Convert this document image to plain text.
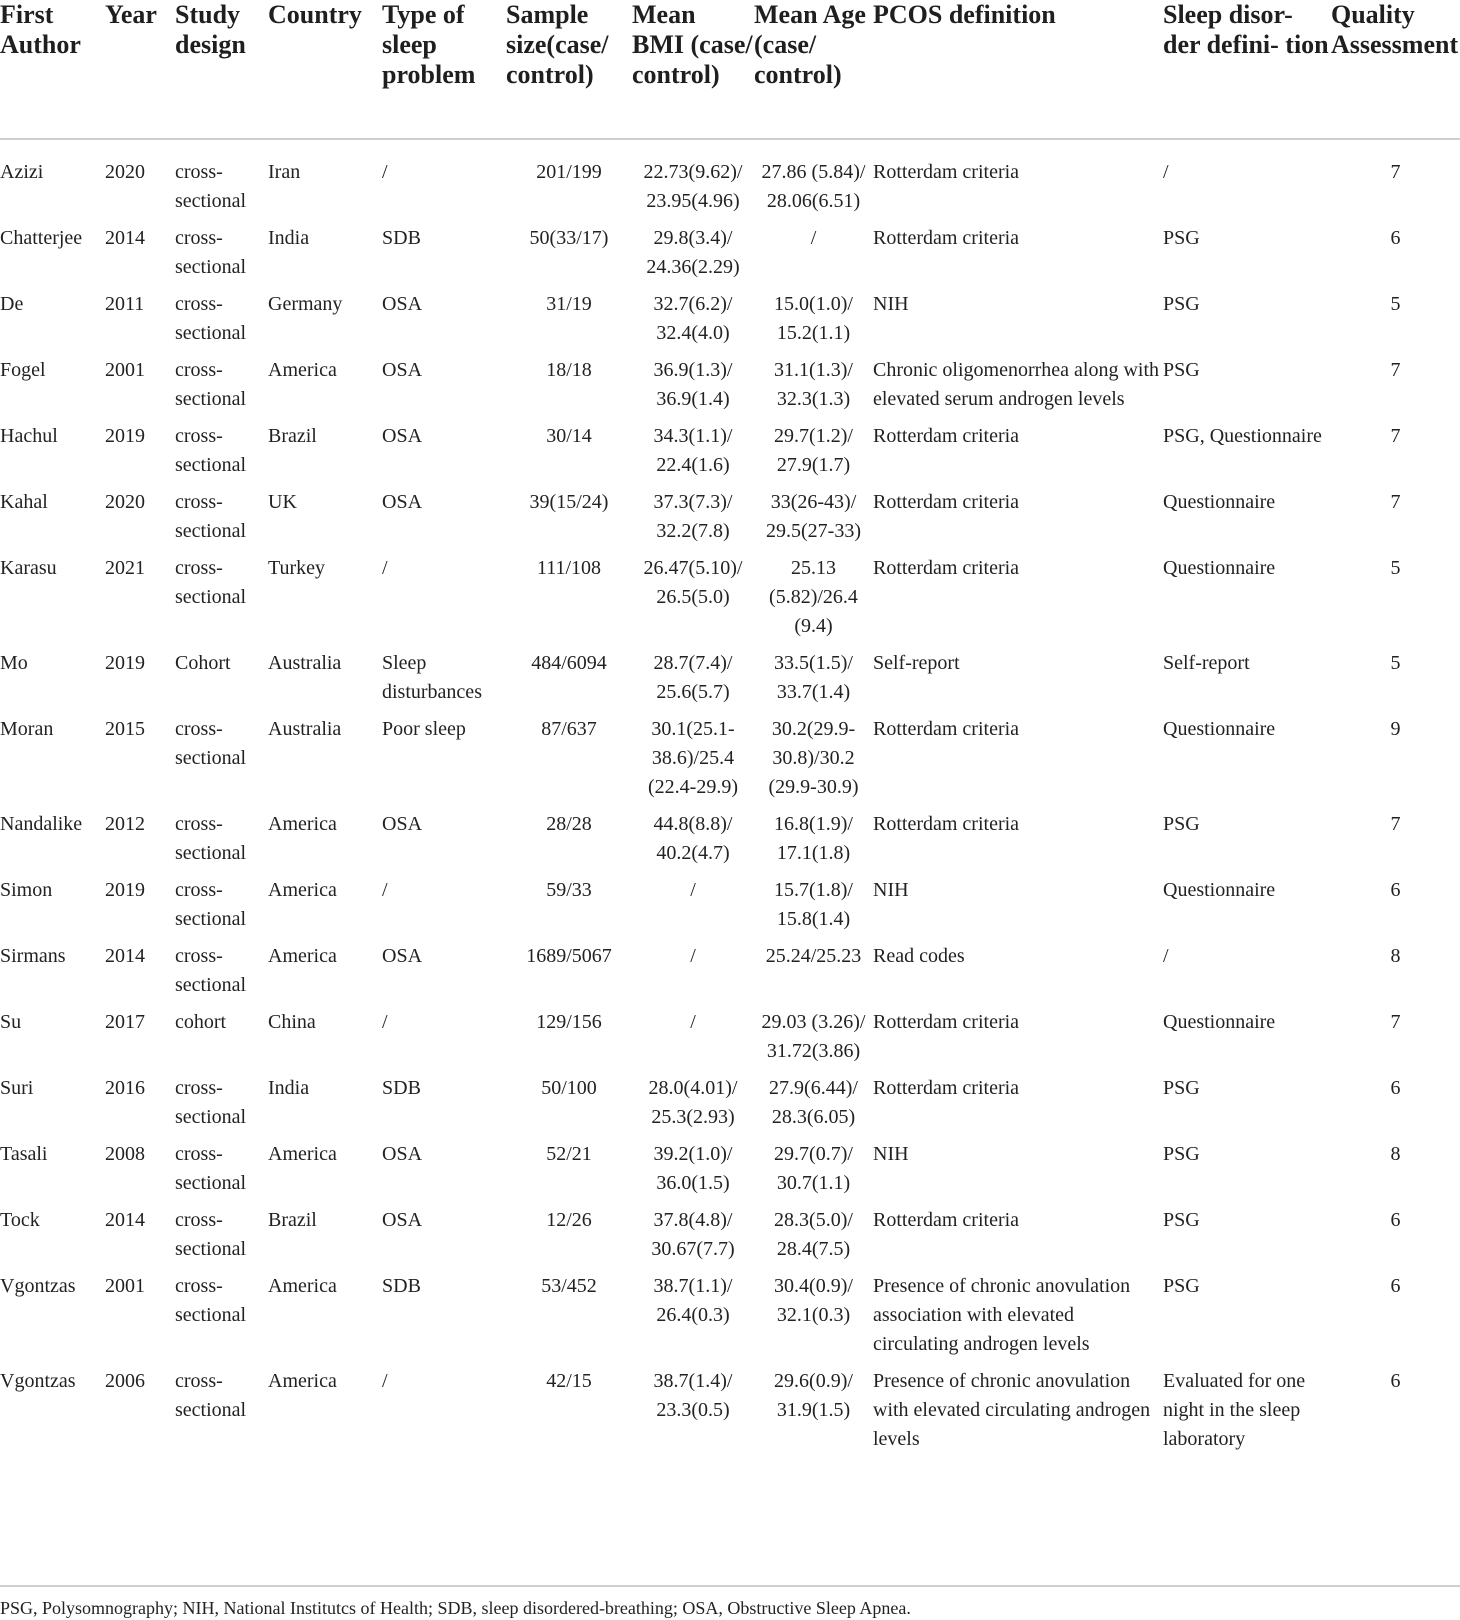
First Author	Year	Study design	Country	Type of sleep problem	Sample size(case/ control)	Mean BMI (case/ control)	Mean Age (case/ control)	PCOS definition	Sleep disor- der defini- tion	Quality Assessment
Azizi	2020	cross-sectional	Iran	/	201/199	22.73(9.62)/ 23.95(4.96)	27.86 (5.84)/ 28.06(6.51)	Rotterdam criteria	/	7
Chatterjee	2014	cross-sectional	India	SDB	50(33/17)	29.8(3.4)/ 24.36(2.29)	/	Rotterdam criteria	PSG	6
De	2011	cross-sectional	Germany	OSA	31/19	32.7(6.2)/ 32.4(4.0)	15.0(1.0)/ 15.2(1.1)	NIH	PSG	5
Fogel	2001	cross-sectional	America	OSA	18/18	36.9(1.3)/ 36.9(1.4)	31.1(1.3)/ 32.3(1.3)	Chronic oligomenorrhea along with elevated serum androgen levels	PSG	7
Hachul	2019	cross-sectional	Brazil	OSA	30/14	34.3(1.1)/ 22.4(1.6)	29.7(1.2)/ 27.9(1.7)	Rotterdam criteria	PSG, Questionnaire	7
Kahal	2020	cross-sectional	UK	OSA	39(15/24)	37.3(7.3)/ 32.2(7.8)	33(26-43)/ 29.5(27-33)	Rotterdam criteria	Questionnaire	7
Karasu	2021	cross-sectional	Turkey	/	111/108	26.47(5.10)/ 26.5(5.0)	25.13 (5.82)/26.4 (9.4)	Rotterdam criteria	Questionnaire	5
Mo	2019	Cohort	Australia	Sleep disturbances	484/6094	28.7(7.4)/ 25.6(5.7)	33.5(1.5)/ 33.7(1.4)	Self-report	Self-report	5
Moran	2015	cross-sectional	Australia	Poor sleep	87/637	30.1(25.1-38.6)/25.4 (22.4-29.9)	30.2(29.9-30.8)/30.2 (29.9-30.9)	Rotterdam criteria	Questionnaire	9
Nandalike	2012	cross-sectional	America	OSA	28/28	44.8(8.8)/ 40.2(4.7)	16.8(1.9)/ 17.1(1.8)	Rotterdam criteria	PSG	7
Simon	2019	cross-sectional	America	/	59/33	/	15.7(1.8)/ 15.8(1.4)	NIH	Questionnaire	6
Sirmans	2014	cross-sectional	America	OSA	1689/5067	/	25.24/25.23	Read codes	/	8
Su	2017	cohort	China	/	129/156	/	29.03 (3.26)/ 31.72(3.86)	Rotterdam criteria	Questionnaire	7
Suri	2016	cross-sectional	India	SDB	50/100	28.0(4.01)/ 25.3(2.93)	27.9(6.44)/ 28.3(6.05)	Rotterdam criteria	PSG	6
Tasali	2008	cross-sectional	America	OSA	52/21	39.2(1.0)/ 36.0(1.5)	29.7(0.7)/ 30.7(1.1)	NIH	PSG	8
Tock	2014	cross-sectional	Brazil	OSA	12/26	37.8(4.8)/ 30.67(7.7)	28.3(5.0)/ 28.4(7.5)	Rotterdam criteria	PSG	6
Vgontzas	2001	cross-sectional	America	SDB	53/452	38.7(1.1)/ 26.4(0.3)	30.4(0.9)/ 32.1(0.3)	Presence of chronic anovulation association with elevated circulating androgen levels	PSG	6
Vgontzas	2006	cross-sectional	America	/	42/15	38.7(1.4)/ 23.3(0.5)	29.6(0.9)/ 31.9(1.5)	Presence of chronic anovulation with elevated circulating androgen levels	Evaluated for one night in the sleep laboratory	6
PSG, Polysomnography; NIH, National Institutcs of Health; SDB, sleep disordered-breathing; OSA, Obstructive Sleep Apnea.
